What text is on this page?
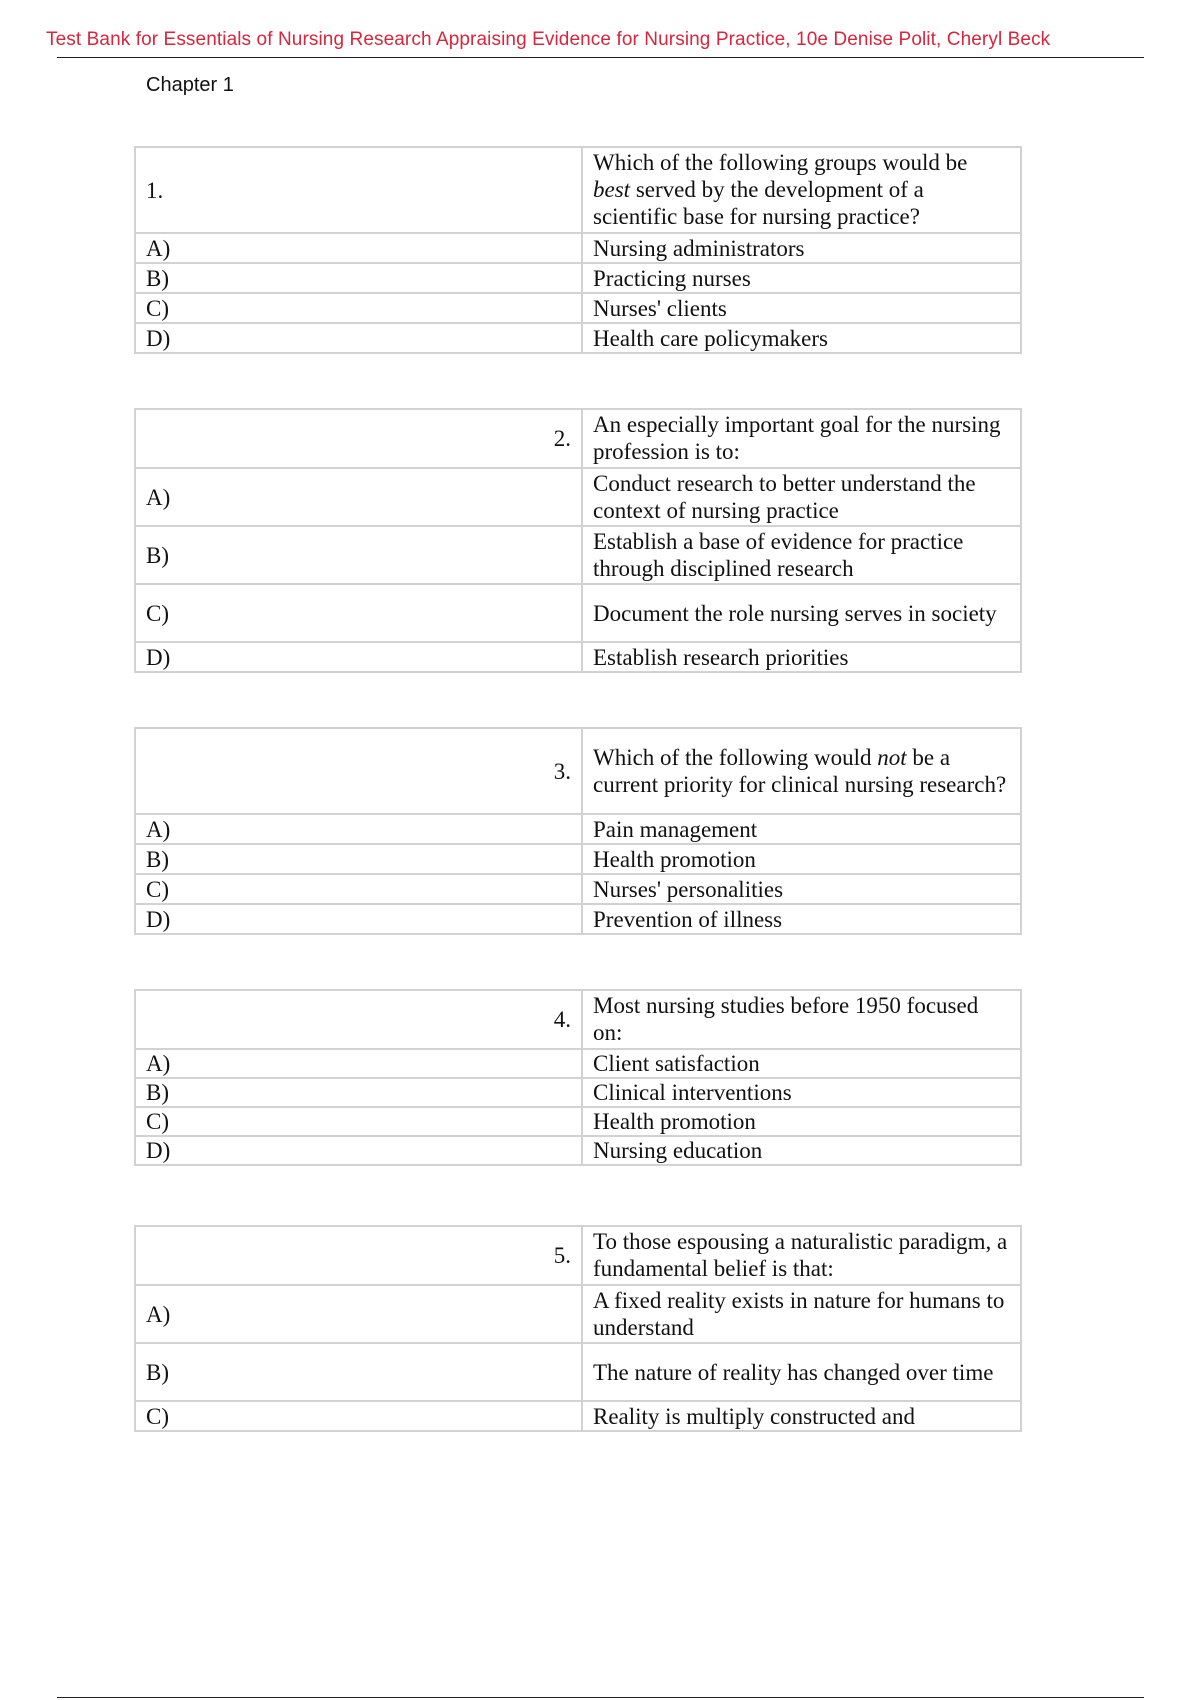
Test Bank for Essentials of Nursing Research Appraising Evidence for Nursing Practice, 10e Denise Polit, Cheryl Beck
Chapter 1
1.	Which of the following groups would be best served by the development of a scientific base for nursing practice?
A)	Nursing administrators
B)	Practicing nurses
C)	Nurses' clients
D)	Health care policymakers
2.	An especially important goal for the nursing profession is to:
A)	Conduct research to better understand the context of nursing practice
B)	Establish a base of evidence for practice through disciplined research
C)	Document the role nursing serves in society
D)	Establish research priorities
3.	Which of the following would not be a current priority for clinical nursing research?
A)	Pain management
B)	Health promotion
C)	Nurses' personalities
D)	Prevention of illness
4.	Most nursing studies before 1950 focused on:
A)	Client satisfaction
B)	Clinical interventions
C)	Health promotion
D)	Nursing education
5.	To those espousing a naturalistic paradigm, a fundamental belief is that:
A)	A fixed reality exists in nature for humans to understand
B)	The nature of reality has changed over time
C)	Reality is multiply constructed and
